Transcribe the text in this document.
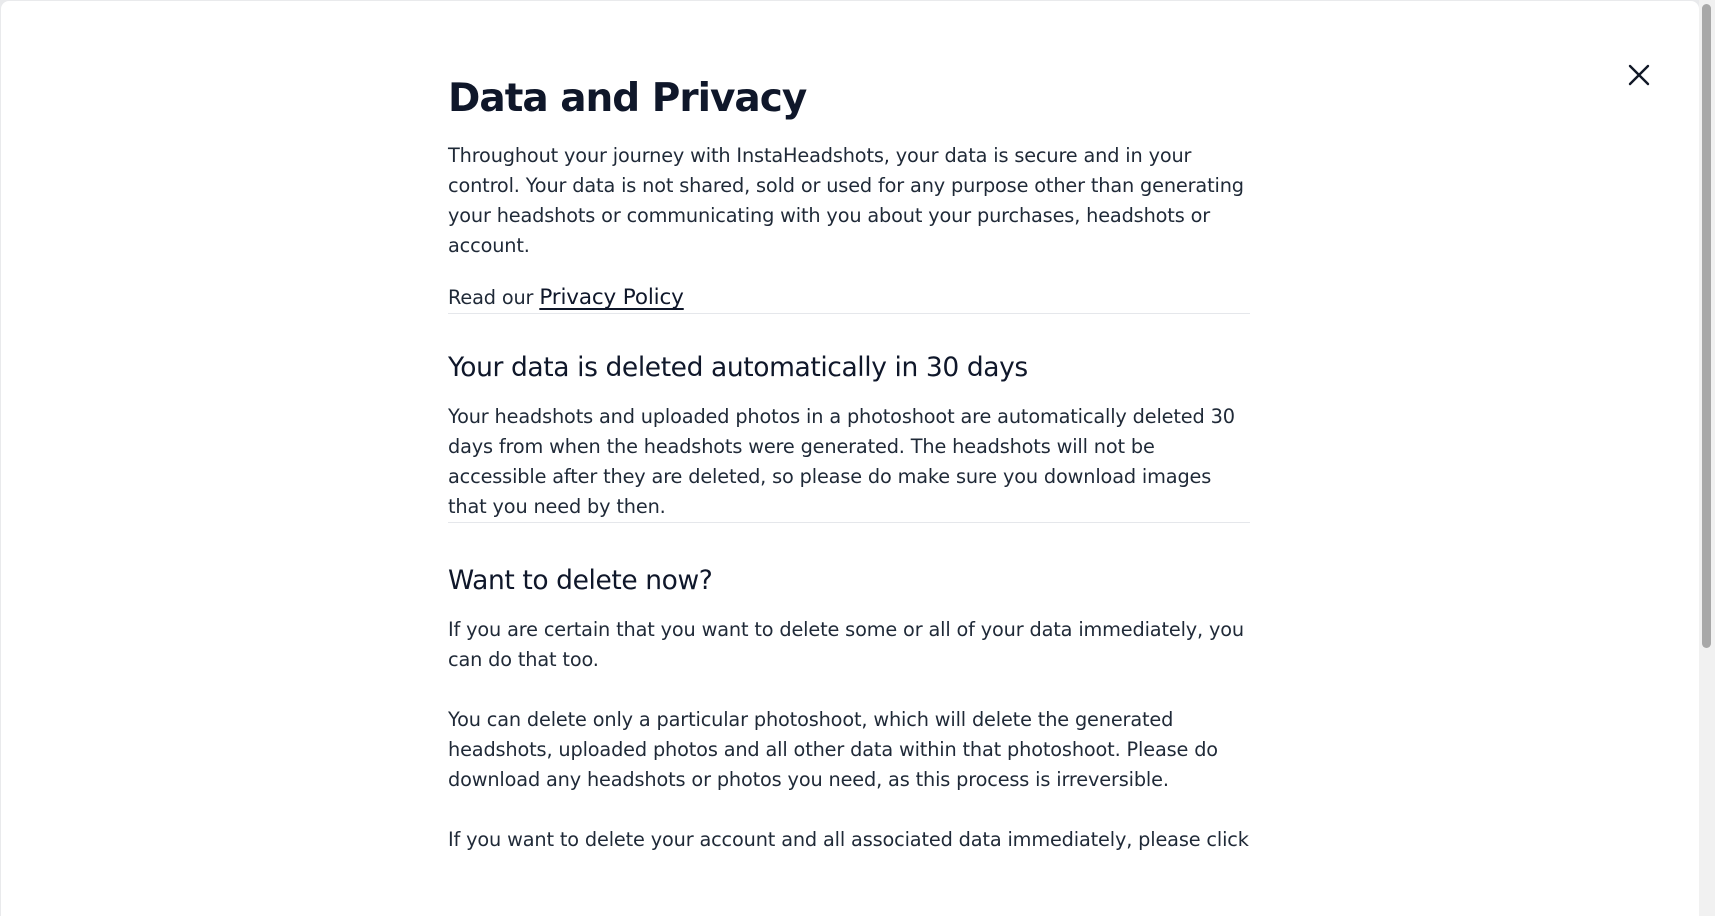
Data and Privacy

Throughout your journey with InstaHeadshots, your data is secure and in your control. Your data is not shared, sold or used for any purpose other than generating your headshots or communicating with you about your purchases, headshots or account.

Read our Privacy Policy

Your data is deleted automatically in 30 days

Your headshots and uploaded photos in a photoshoot are automatically deleted 30 days from when the headshots were generated. The headshots will not be accessible after they are deleted, so please do make sure you download images that you need by then.

Want to delete now?

If you are certain that you want to delete some or all of your data immediately, you can do that too.

You can delete only a particular photoshoot, which will delete the generated headshots, uploaded photos and all other data within that photoshoot. Please do download any headshots or photos you need, as this process is irreversible.

If you want to delete your account and all associated data immediately, please click
